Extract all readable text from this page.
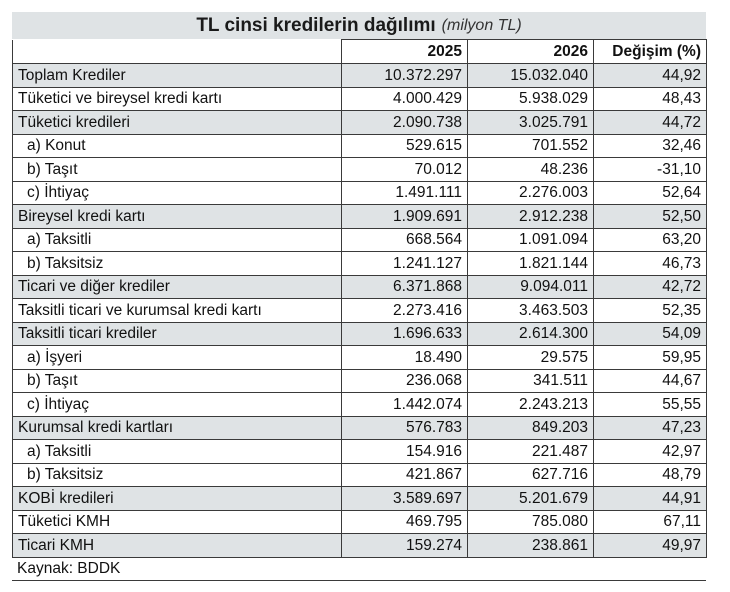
TL cinsi kredilerin dağılımı (milyon TL)
	2025	2026	Değişim (%)
Toplam Krediler	10.372.297	15.032.040	44,92
Tüketici ve bireysel kredi kartı	4.000.429	5.938.029	48,43
Tüketici kredileri	2.090.738	3.025.791	44,72
a) Konut	529.615	701.552	32,46
b) Taşıt	70.012	48.236	-31,10
c) İhtiyaç	1.491.111	2.276.003	52,64
Bireysel kredi kartı	1.909.691	2.912.238	52,50
a) Taksitli	668.564	1.091.094	63,20
b) Taksitsiz	1.241.127	1.821.144	46,73
Ticari ve diğer krediler	6.371.868	9.094.011	42,72
Taksitli ticari ve kurumsal kredi kartı	2.273.416	3.463.503	52,35
Taksitli ticari krediler	1.696.633	2.614.300	54,09
a) İşyeri	18.490	29.575	59,95
b) Taşıt	236.068	341.511	44,67
c) İhtiyaç	1.442.074	2.243.213	55,55
Kurumsal kredi kartları	576.783	849.203	47,23
a) Taksitli	154.916	221.487	42,97
b) Taksitsiz	421.867	627.716	48,79
KOBİ kredileri	3.589.697	5.201.679	44,91
Tüketici KMH	469.795	785.080	67,11
Ticari KMH	159.274	238.861	49,97
Kaynak: BDDK
